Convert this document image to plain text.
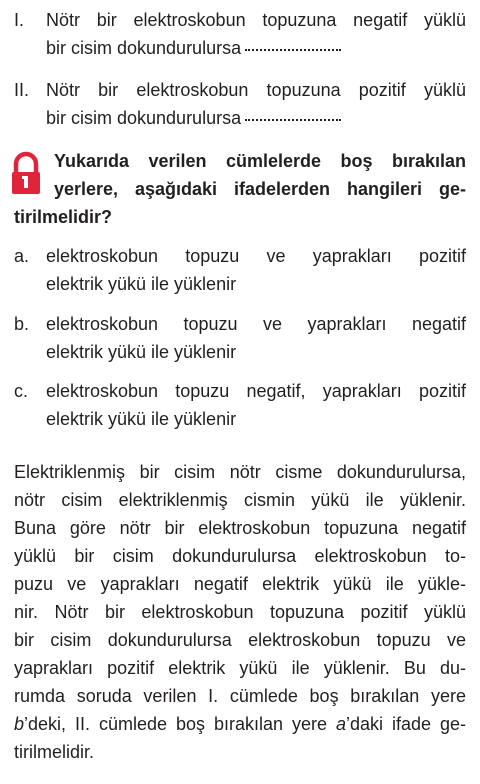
I.	Nötr bir elektroskobun topuzuna negatif yüklü
bir cisim dokundurulursa
II. Nötr bir elektroskobun topuzuna pozitif yüklü
bir cisim dokundurulursa
Yukarıda verilen cümlelerde boş bırakılan
yerlere, aşağıdaki ifadelerden hangileri ge-
tirilmelidir?
a. elektroskobun topuzu ve yaprakları pozitif
elektrik yükü ile yüklenir
b. elektroskobun topuzu ve yaprakları negatif
elektrik yükü ile yüklenir
c. elektroskobun topuzu negatif, yaprakları pozitif
elektrik yükü ile yüklenir
Elektriklenmiş bir cisim nötr cisme dokundurulursa,
nötr cisim elektriklenmiş cismin yükü ile yüklenir.
Buna göre nötr bir elektroskobun topuzuna negatif
yüklü bir cisim dokundurulursa elektroskobun to-
puzu ve yaprakları negatif elektrik yükü ile yükle-
nir. Nötr bir elektroskobun topuzuna pozitif yüklü
bir cisim dokundurulursa elektroskobun topuzu ve
yaprakları pozitif elektrik yükü ile yüklenir. Bu du-
rumda soruda verilen I. cümlede boş bırakılan yere
b’deki, II. cümlede boş bırakılan yere a’daki ifade ge-
tirilmelidir.
